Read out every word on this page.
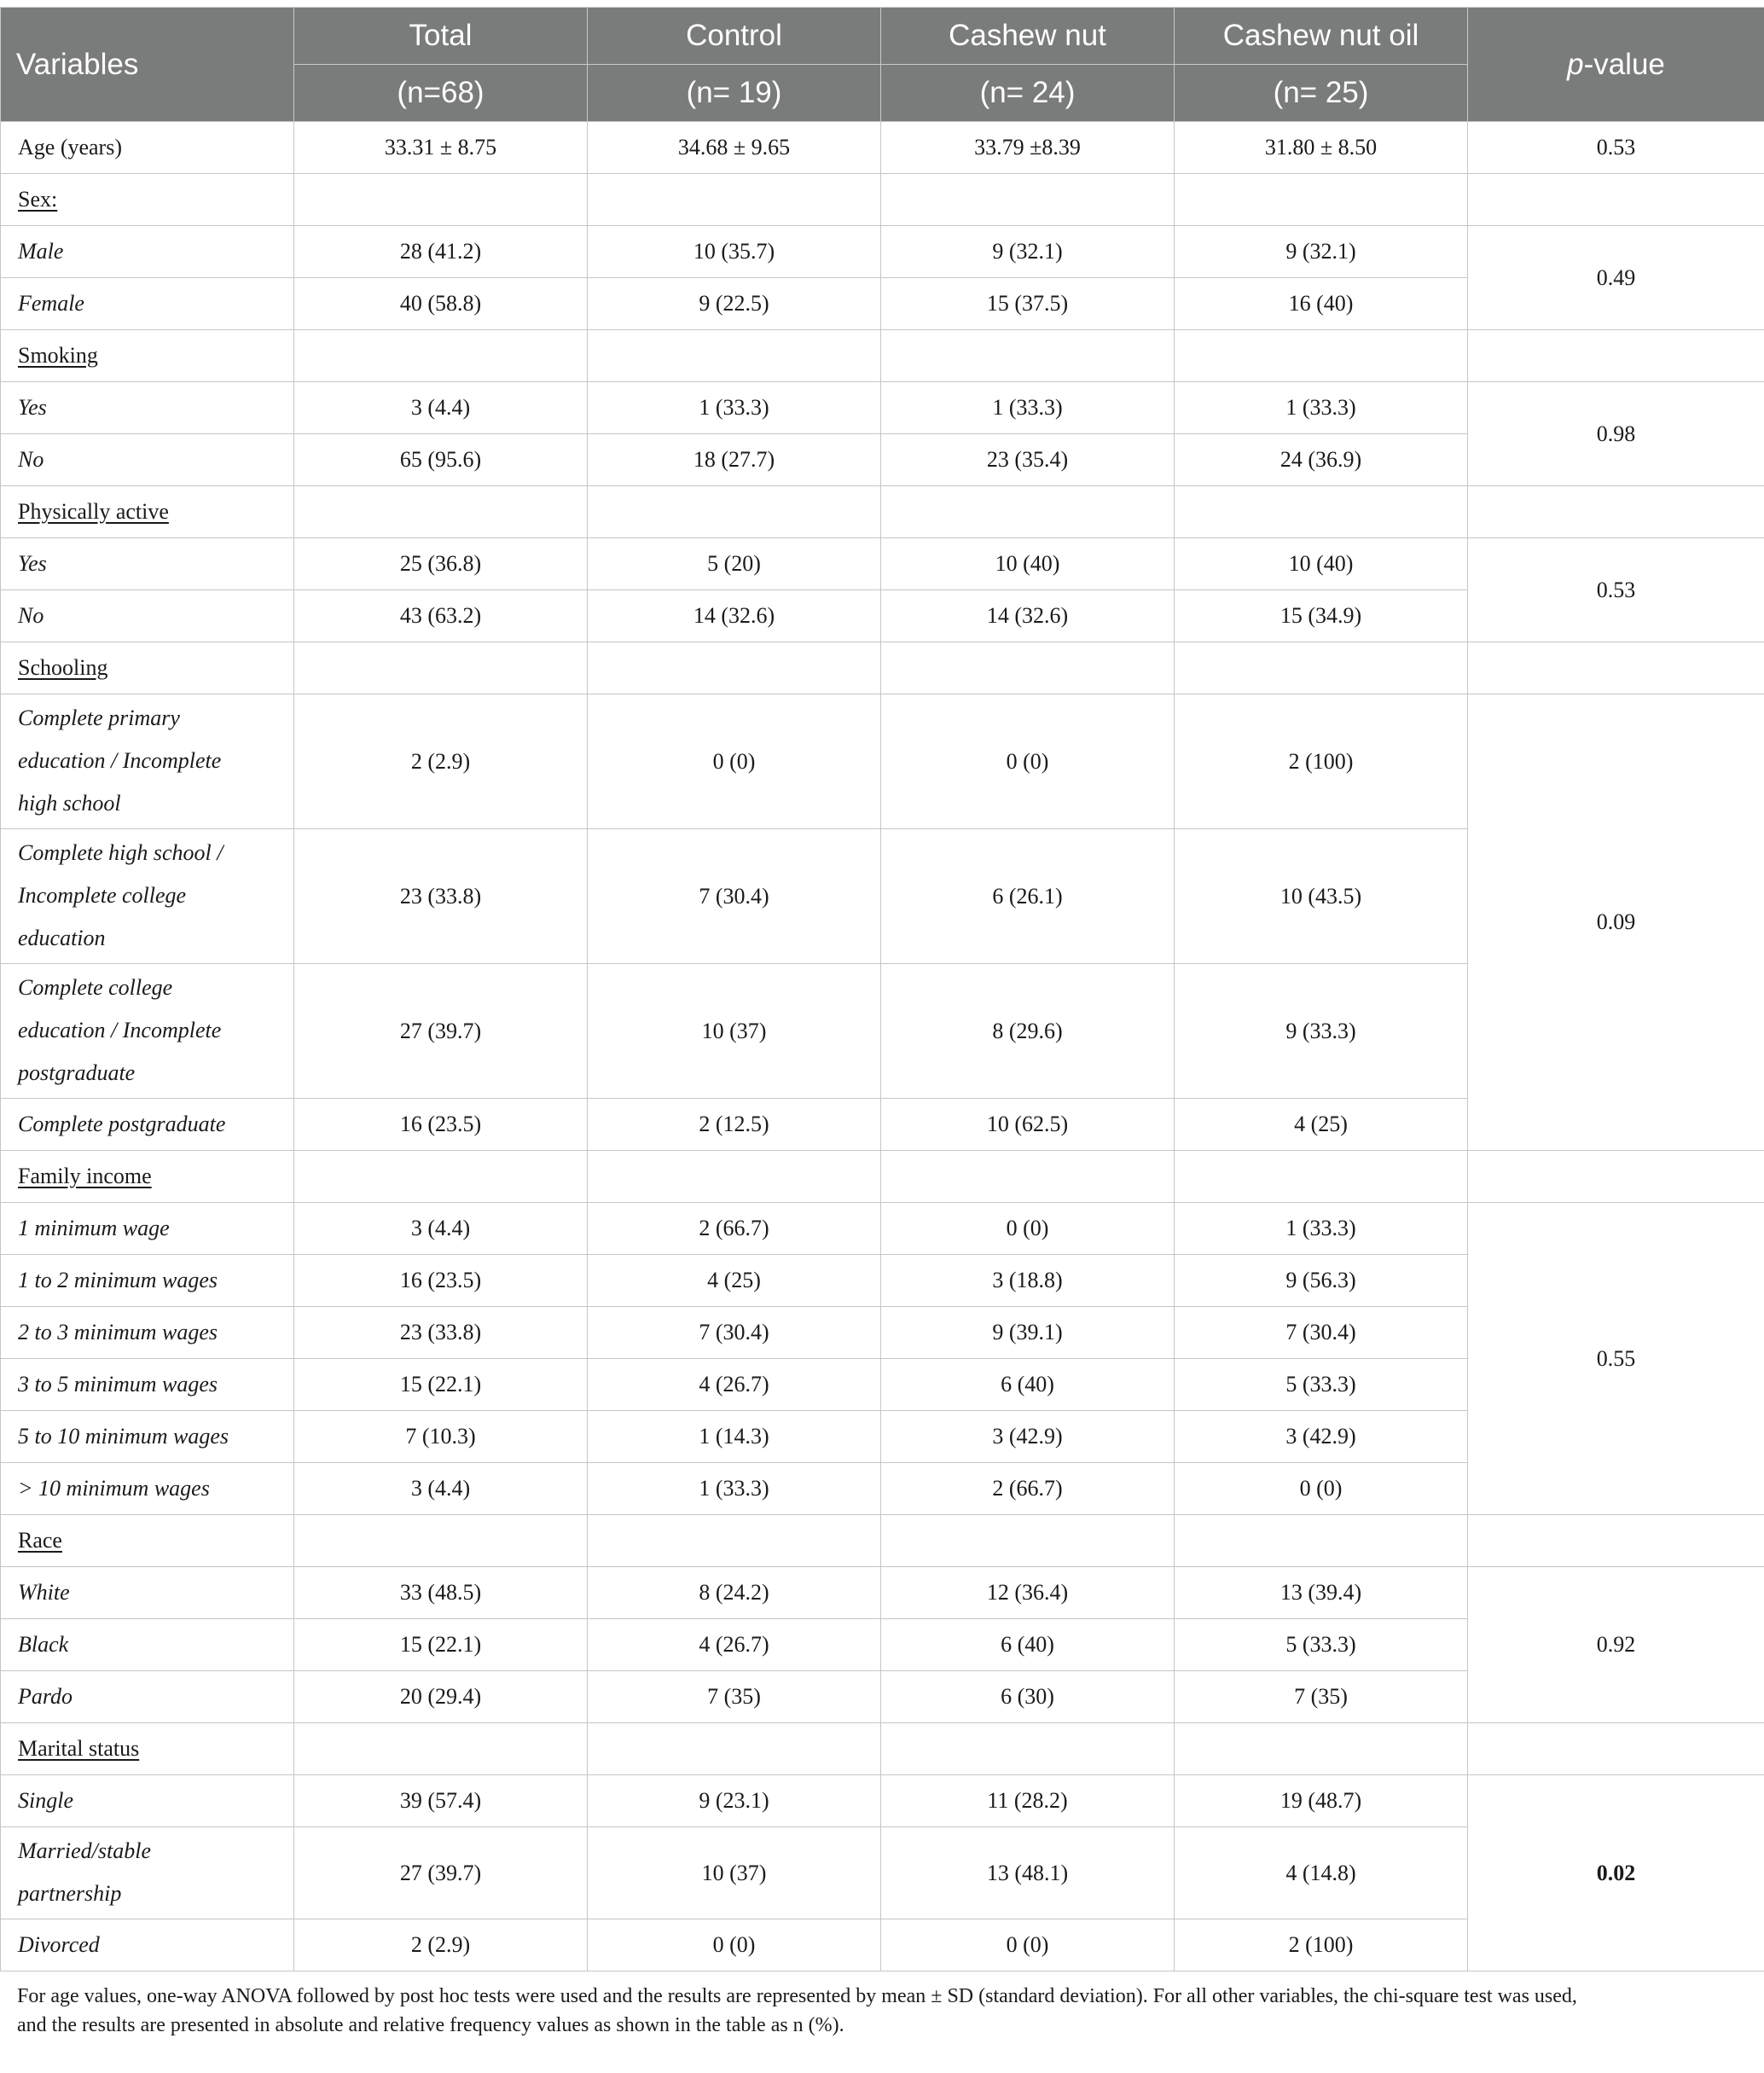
Variables	Total	Control	Cashew nut	Cashew nut oil	p-value
	(n=68)	(n= 19)	(n= 24)	(n= 25)	
Age (years)	33.31 ± 8.75	34.68 ± 9.65	33.79 ±8.39	31.80 ± 8.50	0.53
Sex:					
Male	28 (41.2)	10 (35.7)	9 (32.1)	9 (32.1)	0.49
Female	40 (58.8)	9 (22.5)	15 (37.5)	16 (40)	
Smoking					
Yes	3 (4.4)	1 (33.3)	1 (33.3)	1 (33.3)	0.98
No	65 (95.6)	18 (27.7)	23 (35.4)	24 (36.9)	
Physically active					
Yes	25 (36.8)	5 (20)	10 (40)	10 (40)	0.53
No	43 (63.2)	14 (32.6)	14 (32.6)	15 (34.9)	
Schooling					
Complete primary
education / Incomplete
high school	2 (2.9)	0 (0)	0 (0)	2 (100)	0.09
Complete high school /
Incomplete college
education	23 (33.8)	7 (30.4)	6 (26.1)	10 (43.5)	
Complete college
education / Incomplete
postgraduate	27 (39.7)	10 (37)	8 (29.6)	9 (33.3)	
Complete postgraduate	16 (23.5)	2 (12.5)	10 (62.5)	4 (25)	
Family income					
1 minimum wage	3 (4.4)	2 (66.7)	0 (0)	1 (33.3)	0.55
1 to 2 minimum wages	16 (23.5)	4 (25)	3 (18.8)	9 (56.3)	
2 to 3 minimum wages	23 (33.8)	7 (30.4)	9 (39.1)	7 (30.4)	
3 to 5 minimum wages	15 (22.1)	4 (26.7)	6 (40)	5 (33.3)	
5 to 10 minimum wages	7 (10.3)	1 (14.3)	3 (42.9)	3 (42.9)	
> 10 minimum wages	3 (4.4)	1 (33.3)	2 (66.7)	0 (0)	
Race					
White	33 (48.5)	8 (24.2)	12 (36.4)	13 (39.4)	0.92
Black	15 (22.1)	4 (26.7)	6 (40)	5 (33.3)	
Pardo	20 (29.4)	7 (35)	6 (30)	7 (35)	
Marital status					
Single	39 (57.4)	9 (23.1)	11 (28.2)	19 (48.7)	0.02
Married/stable
partnership	27 (39.7)	10 (37)	13 (48.1)	4 (14.8)	
Divorced	2 (2.9)	0 (0)	0 (0)	2 (100)	
For age values, one-way ANOVA followed by post hoc tests were used and the results are represented by mean ± SD (standard deviation). For all other variables, the chi-square test was used,
and the results are presented in absolute and relative frequency values as shown in the table as n (%).
